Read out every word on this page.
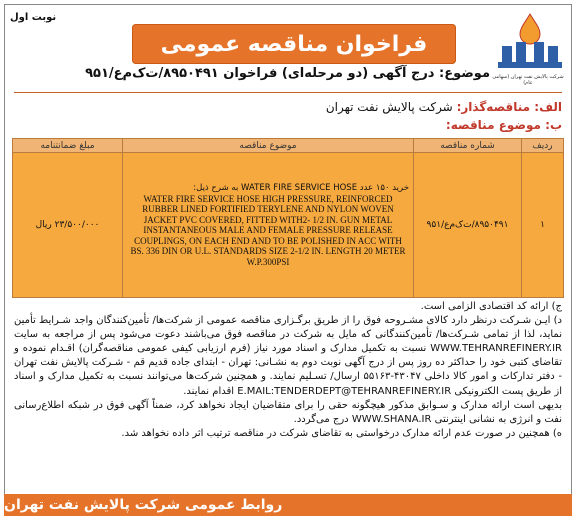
نوبت اول
فراخوان مناقصه عمومی
شرکت پالایش نفت تهران (سهامی عام)
موضوع: درج آگهی (دو مرحله‌ای) فراخوان ۸۹۵۰۴۹۱/ت‌ک‌م‌ع/۹۵۱
الف: مناقصه‌گذار: شرکت پالایش نفت تهران
ب: موضوع مناقصه:
ردیف	شماره مناقصه	موضوع مناقصه	مبلغ ضمانتنامه
۱	۸۹۵۰۴۹۱/ت‌ک‌م‌ع/۹۵۱	خرید ۱۵۰ عدد WATER FIRE SERVICE HOSE به شرح ذیل:
WATER FIRE SERVICE HOSE HIGH PRESSURE, REINFORCED RUBBER LINED FORTIFIED TERYLENE AND NYLON WOVEN JACKET PVC COVERED, FITTED WITH2- 1/2 IN. GUN METAL INSTANTANEOUS MALE AND FEMALE PRESSURE RELEASE COUPLINGS, ON EACH END AND TO BE POLISHED IN ACC WITH BS. 336 DIN OR U.L. STANDARDS SIZE 2-1/2 IN. LENGTH 20 METER W.P.300PSI	۲۳/۵۰۰/۰۰۰ ریال

ج) ارائه کد اقتصادی الزامی است.

د) ایـن شـرکت درنظر دارد کالای مشـروحه فوق را از طریق برگـزاری مناقصه عمومی از شرکت‌ها/ تأمین‌کنندگان واجد شـرایط تأمین نماید، لذا از تمامی شـرکت‌ها/ تأمین‌کنندگانی که مایل به شرکت در مناقصه فوق می‌باشند دعوت می‌شود پس از مراجعه به سایت WWW.TEHRANREFINERY.IR نسبت به تکمیل مدارک و اسناد مورد نیاز (فرم ارزیابی کیفی عمومی مناقصه‌گران) اقـدام نموده و تقاضای کتبی خود را حداکثر ده روز پس از درج آگهی نوبت دوم به نشـانی: تهران - ابتدای جاده قدیم قم - شـرکت پالایش نفت تهران - دفتر تداركات و امور کالا داخلی ۴۳۰۴۷-۵۵۱۶۳ ارسال/ تسـلیم نمایند. و همچنین شرکت‌ها می‌توانند نسبت به تکمیل مدارک و اسناد از طریق پست الکترونیکی E.MAIL:TENDERDEPT@TEHRANREFINERY.IR اقدام نمایند.

بدیهی است ارائه مدارک و سـوابق مذکور هیچگونه حقی را برای متقاضیان ایجاد نخواهد کرد، ضمناً آگهی فوق در شبکه اطلاع‌رسانی نفت و انرژی به نشانی اینترنتی WWW.SHANA.IR درج می‌گردد.

ه) همچنین در صورت عدم ارائه مدارک درخواستی به تقاضای شرکت در مناقصه ترتیب اثر داده نخواهد شد.

روابط عمومی شرکت پالایش نفت تهران
